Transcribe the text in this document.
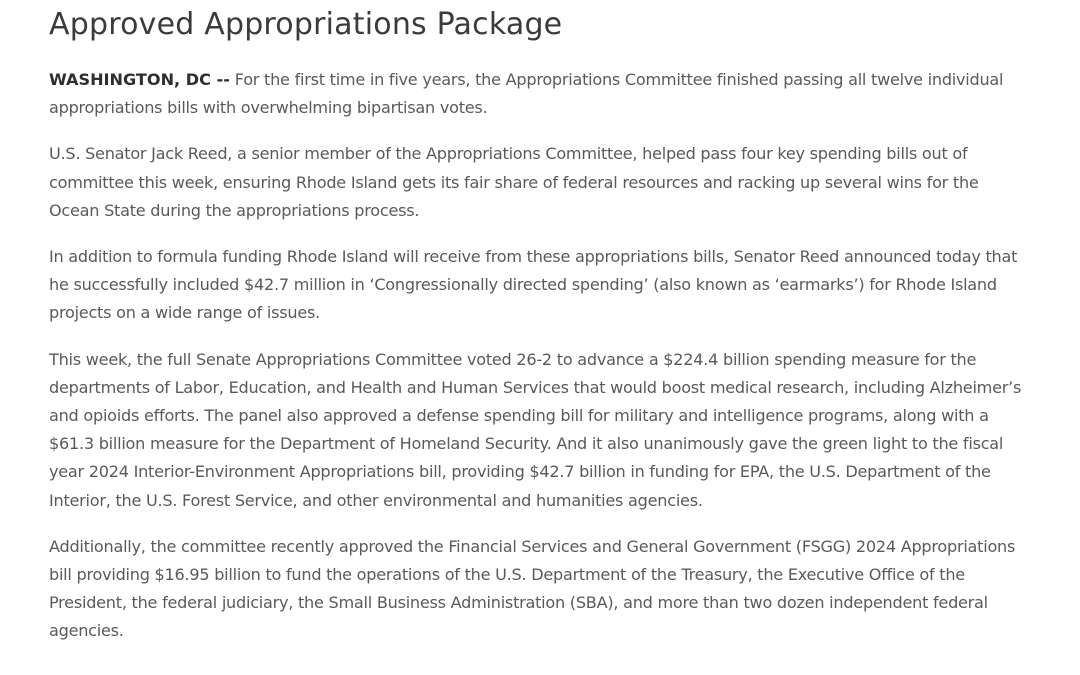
Approved Appropriations Package

WASHINGTON, DC -- For the first time in five years, the Appropriations Committee finished passing all twelve individual appropriations bills with overwhelming bipartisan votes.

U.S. Senator Jack Reed, a senior member of the Appropriations Committee, helped pass four key spending bills out of committee this week, ensuring Rhode Island gets its fair share of federal resources and racking up several wins for the Ocean State during the appropriations process.

In addition to formula funding Rhode Island will receive from these appropriations bills, Senator Reed announced today that he successfully included $42.7 million in ‘Congressionally directed spending’ (also known as ‘earmarks’) for Rhode Island projects on a wide range of issues.

This week, the full Senate Appropriations Committee voted 26-2 to advance a $224.4 billion spending measure for the departments of Labor, Education, and Health and Human Services that would boost medical research, including Alzheimer’s and opioids efforts. The panel also approved a defense spending bill for military and intelligence programs, along with a $61.3 billion measure for the Department of Homeland Security. And it also unanimously gave the green light to the fiscal year 2024 Interior-Environment Appropriations bill, providing $42.7 billion in funding for EPA, the U.S. Department of the Interior, the U.S. Forest Service, and other environmental and humanities agencies.

Additionally, the committee recently approved the Financial Services and General Government (FSGG) 2024 Appropriations bill providing $16.95 billion to fund the operations of the U.S. Department of the Treasury, the Executive Office of the President, the federal judiciary, the Small Business Administration (SBA), and more than two dozen independent federal agencies.
